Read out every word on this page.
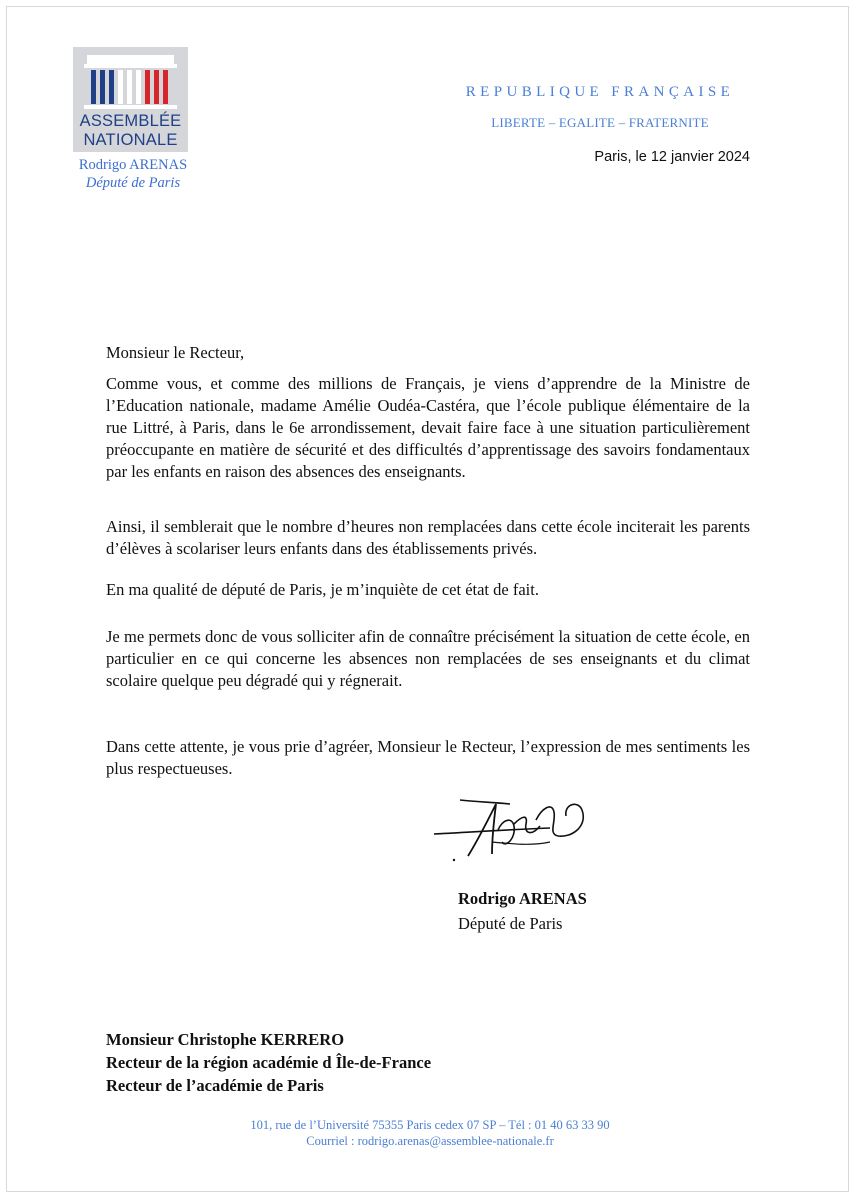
ASSEMBLÉE
NATIONALE
Rodrigo ARENAS
Député de Paris
REPUBLIQUE FRANÇAISE
LIBERTE – EGALITE – FRATERNITE
Paris, le 12 janvier 2024
Monsieur le Recteur,

Comme vous, et comme des millions de Français, je viens d’apprendre de la Ministre de l’Education nationale, madame Amélie Oudéa-Castéra, que l’école publique élémentaire de la rue Littré, à Paris, dans le 6e arrondissement, devait faire face à une situation particulièrement préoccupante en matière de sécurité et des difficultés d’apprentissage des savoirs fondamentaux par les enfants en raison des absences des enseignants.

Ainsi, il semblerait que le nombre d’heures non remplacées dans cette école inciterait les parents d’élèves à scolariser leurs enfants dans des établissements privés.

En ma qualité de député de Paris, je m’inquiète de cet état de fait.

Je me permets donc de vous solliciter afin de connaître précisément la situation de cette école, en particulier en ce qui concerne les absences non remplacées de ses enseignants et du climat scolaire quelque peu dégradé qui y régnerait.

Dans cette attente, je vous prie d’agréer, Monsieur le Recteur, l’expression de mes sentiments les plus respectueuses.

Rodrigo ARENAS
Député de Paris
Monsieur Christophe KERRERO
Recteur de la région académie d Île-de-France
Recteur de l’académie de Paris
101, rue de l’Université 75355 Paris cedex 07 SP – Tél : 01 40 63 33 90
Courriel : rodrigo.arenas@assemblee-nationale.fr
